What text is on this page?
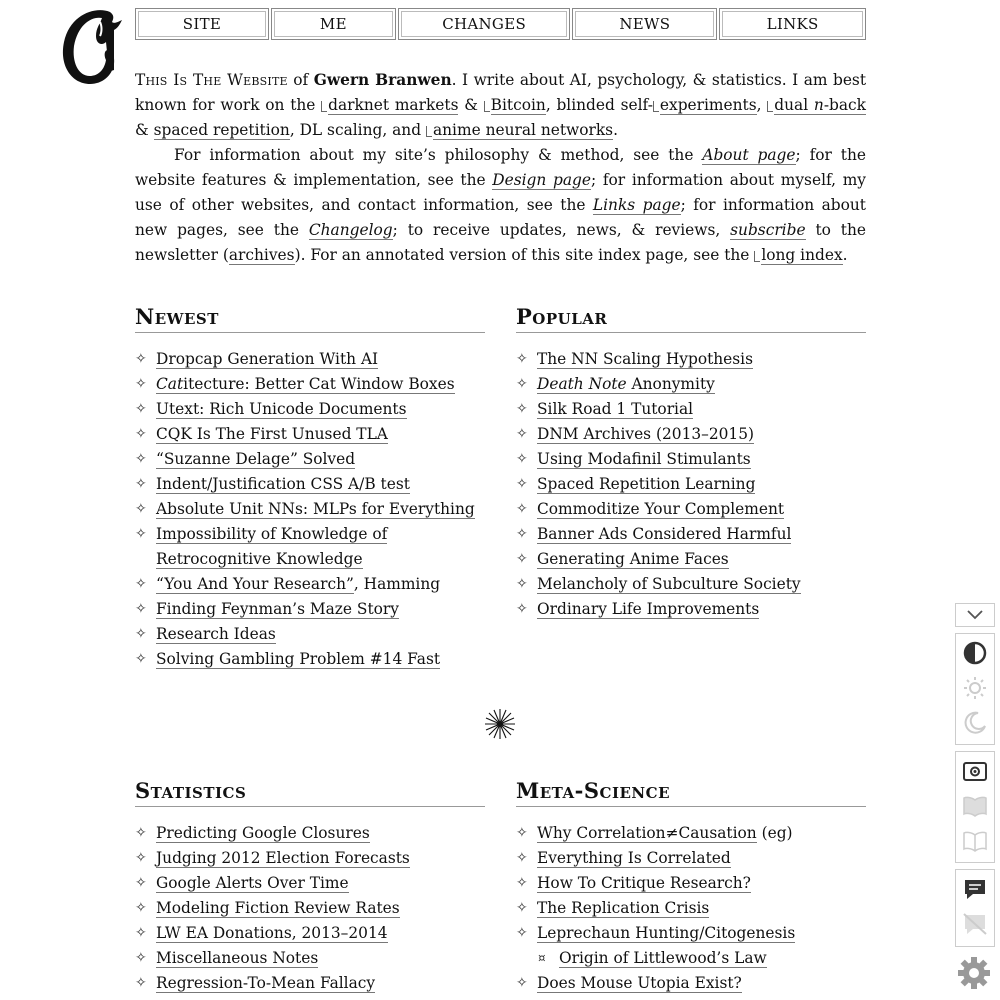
SITE	ME	CHANGES	NEWS	LINKS

This Is The Website of Gwern Branwen. I write about AI, psychology, & statistics. I am best known for work on the darknet markets & Bitcoin, blinded self- experiments, dual n-back & spaced repetition, DL scaling, and anime neural networks.

For information about my site’s philosophy & method, see the About page; for the website features & implementation, see the Design page; for information about myself, my use of other websites, and contact information, see the Links page; for information about new pages, see the Changelog; to receive updates, news, & reviews, subscribe to the newsletter (archives). For an annotated version of this site index page, see the long index.

Newest
✧ Dropcap Generation With AI
✧ Catitecture: Better Cat Window Boxes
✧ Utext: Rich Unicode Documents
✧ CQK Is The First Unused TLA
✧ “Suzanne Delage” Solved
✧ Indent/Justification CSS A/B test
✧ Absolute Unit NNs: MLPs for Everything
✧ Impossibility of Knowledge of Retrocognitive Knowledge
✧ “You And Your Research”, Hamming
✧ Finding Feynman’s Maze Story
✧ Research Ideas
✧ Solving Gambling Problem #14 Fast
Popular
✧ The NN Scaling Hypothesis
✧ Death Note Anonymity
✧ Silk Road 1 Tutorial
✧ DNM Archives (2013–2015)
✧ Using Modafinil Stimulants
✧ Spaced Repetition Learning
✧ Commoditize Your Complement
✧ Banner Ads Considered Harmful
✧ Generating Anime Faces
✧ Melancholy of Subculture Society
✧ Ordinary Life Improvements
Statistics
✧ Predicting Google Closures
✧ Judging 2012 Election Forecasts
✧ Google Alerts Over Time
✧ Modeling Fiction Review Rates
✧ LW EA Donations, 2013–2014
✧ Miscellaneous Notes
✧ Regression-To-Mean Fallacy
Meta-Science
✧ Why Correlation≠Causation (eg)
✧ Everything Is Correlated
✧ How To Critique Research?
✧ The Replication Crisis
✧ Leprechaun Hunting/Citogenesis
¤ Origin of Littlewood’s Law
✧ Does Mouse Utopia Exist?
